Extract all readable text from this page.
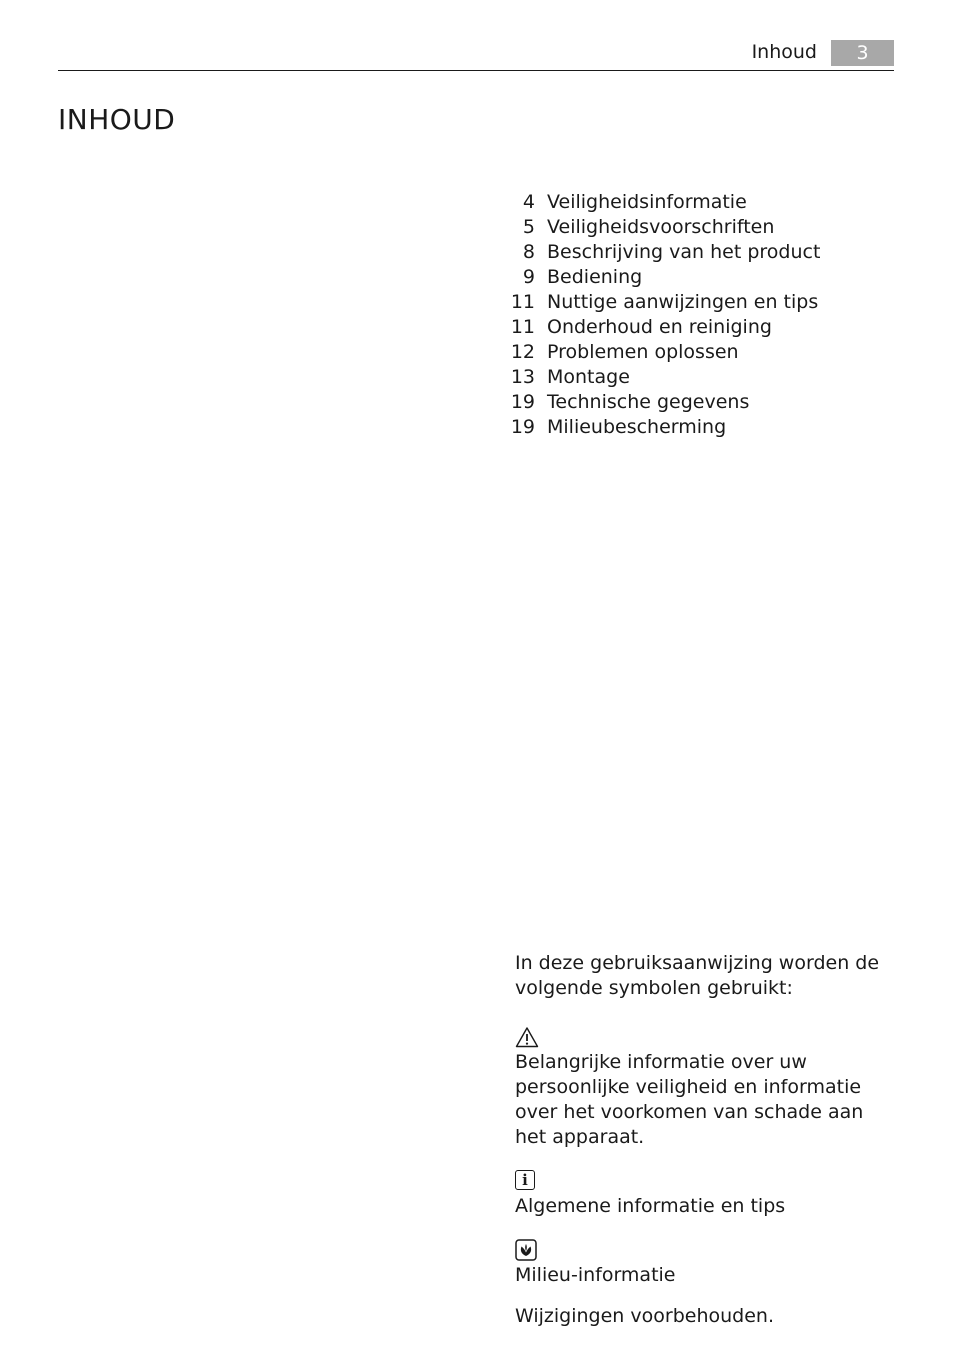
Inhoud	3
INHOUD
4 Veiligheidsinformatie
5 Veiligheidsvoorschriften
8 Beschrijving van het product
9 Bediening
11 Nuttige aanwijzingen en tips
11 Onderhoud en reiniging
12 Problemen oplossen
13 Montage
19 Technische gegevens
19 Milieubescherming

In deze gebruiksaanwijzing worden de volgende symbolen gebruikt:

Belangrijke informatie over uw persoonlijke veiligheid en informatie over het voorkomen van schade aan het apparaat.

i

Algemene informatie en tips

Milieu-informatie

Wijzigingen voorbehouden.
